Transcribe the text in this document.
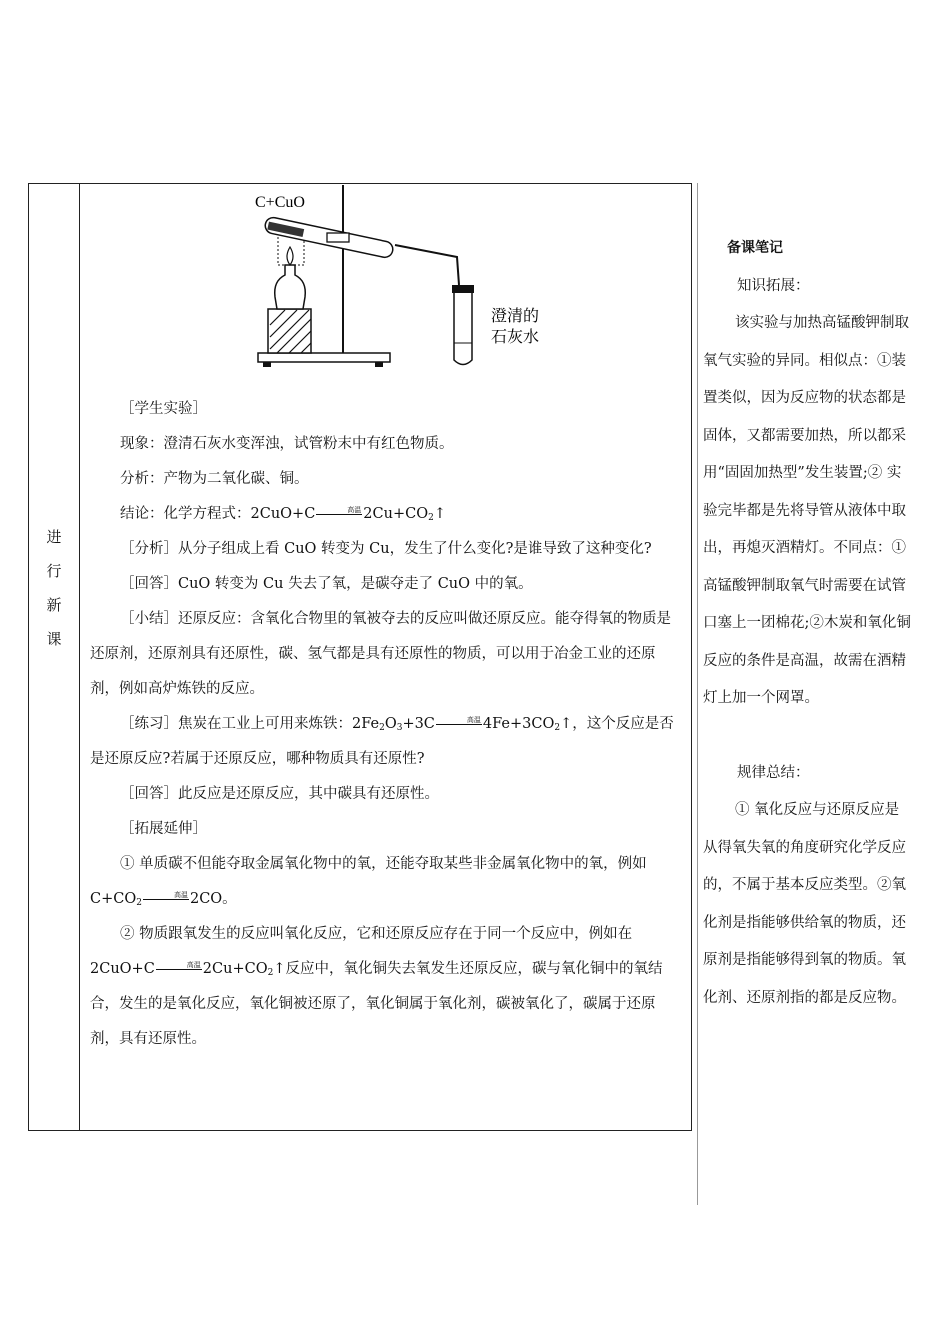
进
行
新
课
C+CuO
澄清的
石灰水

［学生实验］

现象：澄清石灰水变浑浊，试管粉末中有红色物质。

分析：产物为二氧化碳、铜。

结论：化学方程式：2CuO+C	高温 $2Cu+CO_2↑$

［分析］从分子组成上看 CuO 转变为 Cu，发生了什么变化?是谁导致了这种变化?

［回答］CuO 转变为 Cu 失去了氧，是碳夺走了 CuO 中的氧。

［小结］还原反应：含氧化合物里的氧被夺去的反应叫做还原反应。能夺得氧的物质是还原剂，还原剂具有还原性，碳、氢气都是具有还原性的物质，可以用于冶金工业的还原剂，例如高炉炼铁的反应。

［练习］焦炭在工业上可用来炼铁：$2Fe_2O_3+3C$	高温 $4Fe+3CO_2↑$，这个反应是否是还原反应?若属于还原反应，哪种物质具有还原性?

［回答］此反应是还原反应，其中碳具有还原性。

［拓展延伸］

① 单质碳不但能夺取金属氧化物中的氧，还能夺取某些非金属氧化物中的氧，例如 $C+CO_2$高温 2CO。

② 物质跟氧发生的反应叫氧化反应，它和还原反应存在于同一个反应中，例如在 2CuO+C	高温 $2Cu+CO_2↑$反应中，氧化铜失去氧发生还原反应，碳与氧化铜中的氧结合，发生的是氧化反应，氧化铜被还原了，氧化铜属于氧化剂，碳被氧化了，碳属于还原剂，具有还原性。

备课笔记

知识拓展：

该实验与加热高锰酸钾制取氧气实验的异同。相似点：①装置类似，因为反应物的状态都是固体，又都需要加热，所以都采用“固固加热型”发生装置;② 实验完毕都是先将导管从液体中取出，再熄灭酒精灯。不同点：①高锰酸钾制取氧气时需要在试管口塞上一团棉花;②木炭和氧化铜反应的条件是高温，故需在酒精灯上加一个网罩。

规律总结：

① 氧化反应与还原反应是从得氧失氧的角度研究化学反应的，不属于基本反应类型。②氧化剂是指能够供给氧的物质，还原剂是指能够得到氧的物质。氧化剂、还原剂指的都是反应物。
